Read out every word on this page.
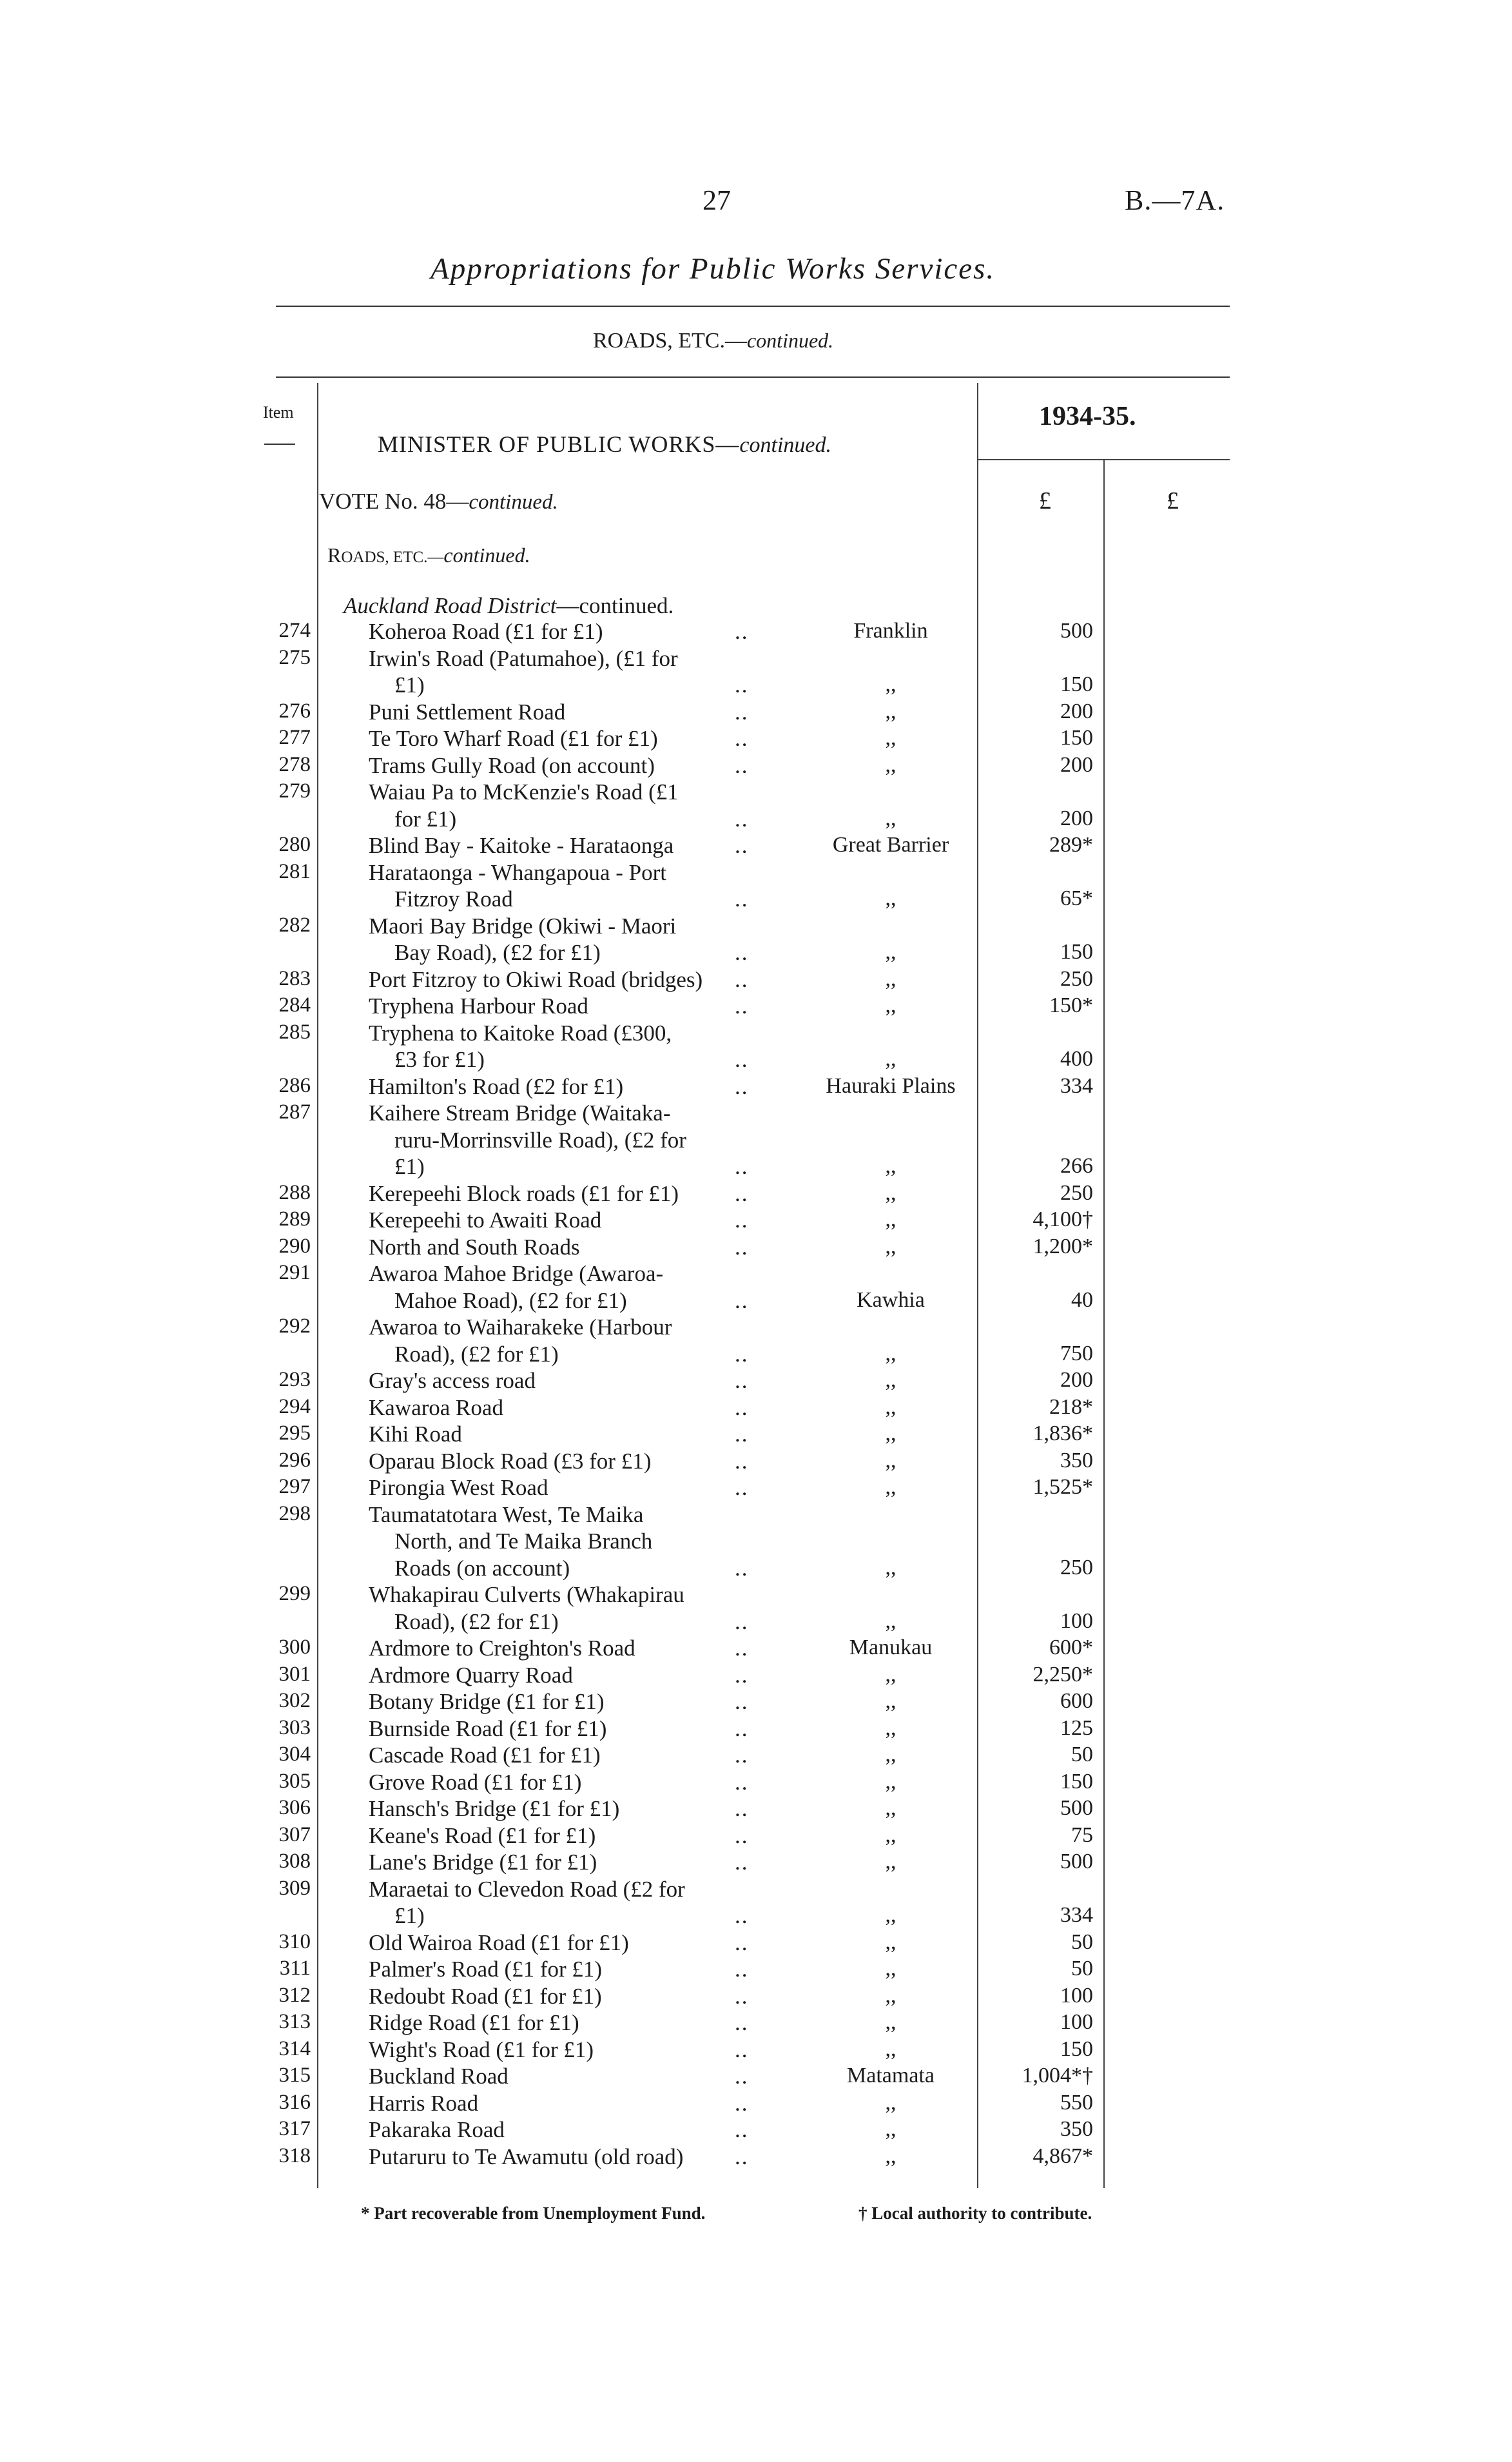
27	B.—7A.
Appropriations for Public Works Services.
ROADS, ETC.—continued.
Item	1934-35.
MINISTER OF PUBLIC WORKS—continued.
VOTE No. 48—continued.	£	£
ROADS, ETC.—continued.
Auckland Road District—continued.
274	Koheroa Road (£1 for £1)	..	Franklin	500
275	Irwin's Road (Patumahoe), (£1 for
£1)	..	,,	150
276	Puni Settlement Road	..	,,	200
277	Te Toro Wharf Road (£1 for £1)	..	,,	150
278	Trams Gully Road (on account)	..	,,	200
279	Waiau Pa to McKenzie's Road (£1
for £1)	..	,,	200
280	Blind Bay - Kaitoke - Harataonga	..	Great Barrier	289*
281	Harataonga - Whangapoua - Port
Fitzroy Road	..	,,	65*
282	Maori Bay Bridge (Okiwi - Maori
Bay Road), (£2 for £1)	..	,,	150
283	Port Fitzroy to Okiwi Road (bridges) ..	,,	250
284	Tryphena Harbour Road	..	,,	150*
285	Tryphena to Kaitoke Road (£300,
£3 for £1)	..	,,	400
286	Hamilton's Road (£2 for £1)	..	Hauraki Plains	334
287	Kaihere Stream Bridge (Waitaka-
ruru-Morrinsville Road), (£2 for
£1)	..	,,	266
288	Kerepeehi Block roads (£1 for £1) ..	,,	250
289	Kerepeehi to Awaiti Road	..	,,	4,100†
290	North and South Roads	..	,,	1,200*
291	Awaroa Mahoe Bridge (Awaroa-
Mahoe Road), (£2 for £1)	..	Kawhia	40
292	Awaroa to Waiharakeke (Harbour
Road), (£2 for £1)	..	,,	750
293	Gray's access road	..	,,	200
294	Kawaroa Road	..	,,	218*
295	Kihi Road	..	,,	1,836*
296	Oparau Block Road (£3 for £1)	..	,,	350
297	Pirongia West Road	..	,,	1,525*
298	Taumatatotara West, Te Maika
North, and Te Maika Branch
Roads (on account)	..	,,	250
299	Whakapirau Culverts (Whakapirau
Road), (£2 for £1)	..	,,	100
300	Ardmore to Creighton's Road	..	Manukau	600*
301	Ardmore Quarry Road	..	,,	2,250*
302	Botany Bridge (£1 for £1)	..	,,	600
303	Burnside Road (£1 for £1)	..	,,	125
304	Cascade Road (£1 for £1)	..	,,	50
305	Grove Road (£1 for £1)	..	,,	150
306	Hansch's Bridge (£1 for £1)	..	,,	500
307	Keane's Road (£1 for £1)	..	,,	75
308	Lane's Bridge (£1 for £1)	..	,,	500
309	Maraetai to Clevedon Road (£2 for
£1)	..	,,	334
310	Old Wairoa Road (£1 for £1)	..	,,	50
311	Palmer's Road (£1 for £1)	..	,,	50
312	Redoubt Road (£1 for £1)	..	,,	100
313	Ridge Road (£1 for £1)	..	,,	100
314	Wight's Road (£1 for £1)	..	,,	150
315	Buckland Road	..	Matamata	1,004*†
316	Harris Road	..	,,	550
317	Pakaraka Road	..	,,	350
318	Putaruru to Te Awamutu (old road) ..	,,	4,867*
* Part recoverable from Unemployment Fund.	† Local authority to contribute.
